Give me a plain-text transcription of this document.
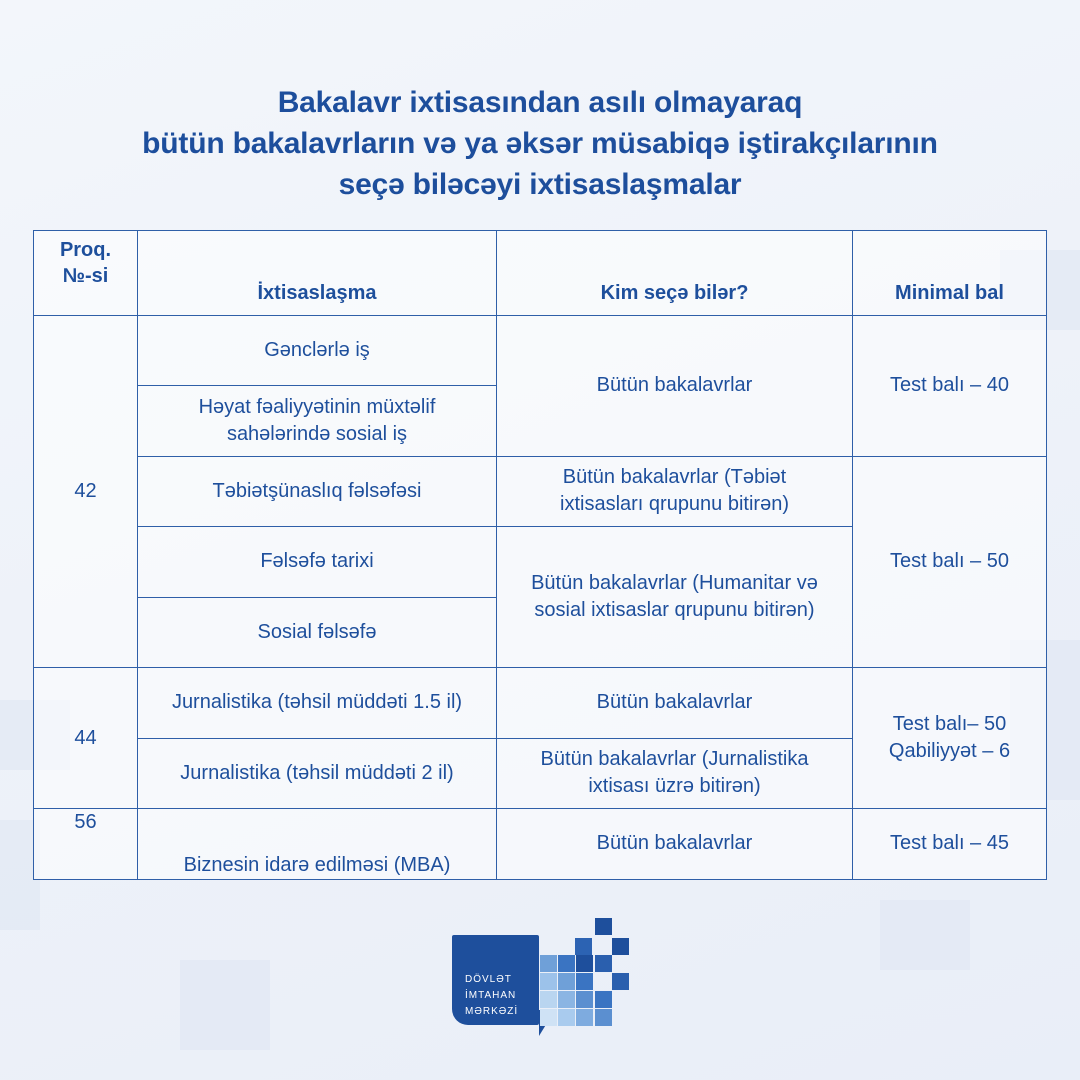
Bakalavr ixtisasından asılı olmayaraq
bütün bakalavrların və ya əksər müsabiqə iştirakçılarının
seçə biləcəyi ixtisaslaşmalar
Proq.
№-si	İxtisaslaşma	Kim seçə bilər?	Minimal bal
42	Gənclərlə iş	Bütün bakalavrlar	Test balı – 40

	Həyat fəaliyyətinin müxtəlif
sahələrində sosial iş		

	Təbiətşünaslıq fəlsəfəsi	Bütün bakalavrlar (Təbiət
ixtisasları qrupunu bitirən)	Test balı – 50
	Fəlsəfə tarixi	Bütün bakalavrlar (Humanitar və
sosial ixtisaslar qrupunu bitirən)	

	Sosial fəlsəfə		
44	Jurnalistika (təhsil müddəti 1.5 il)	Bütün bakalavrlar	Test balı– 50
Qabiliyyət – 6

	Jurnalistika (təhsil müddəti 2 il)	Bütün bakalavrlar (Jurnalistika
ixtisası üzrə bitirən)	

56	Biznesin idarə edilməsi (MBA)	Bütün bakalavrlar	Test balı – 45
DÖVLƏT
İMTAHAN
MƏRKƏZİ
